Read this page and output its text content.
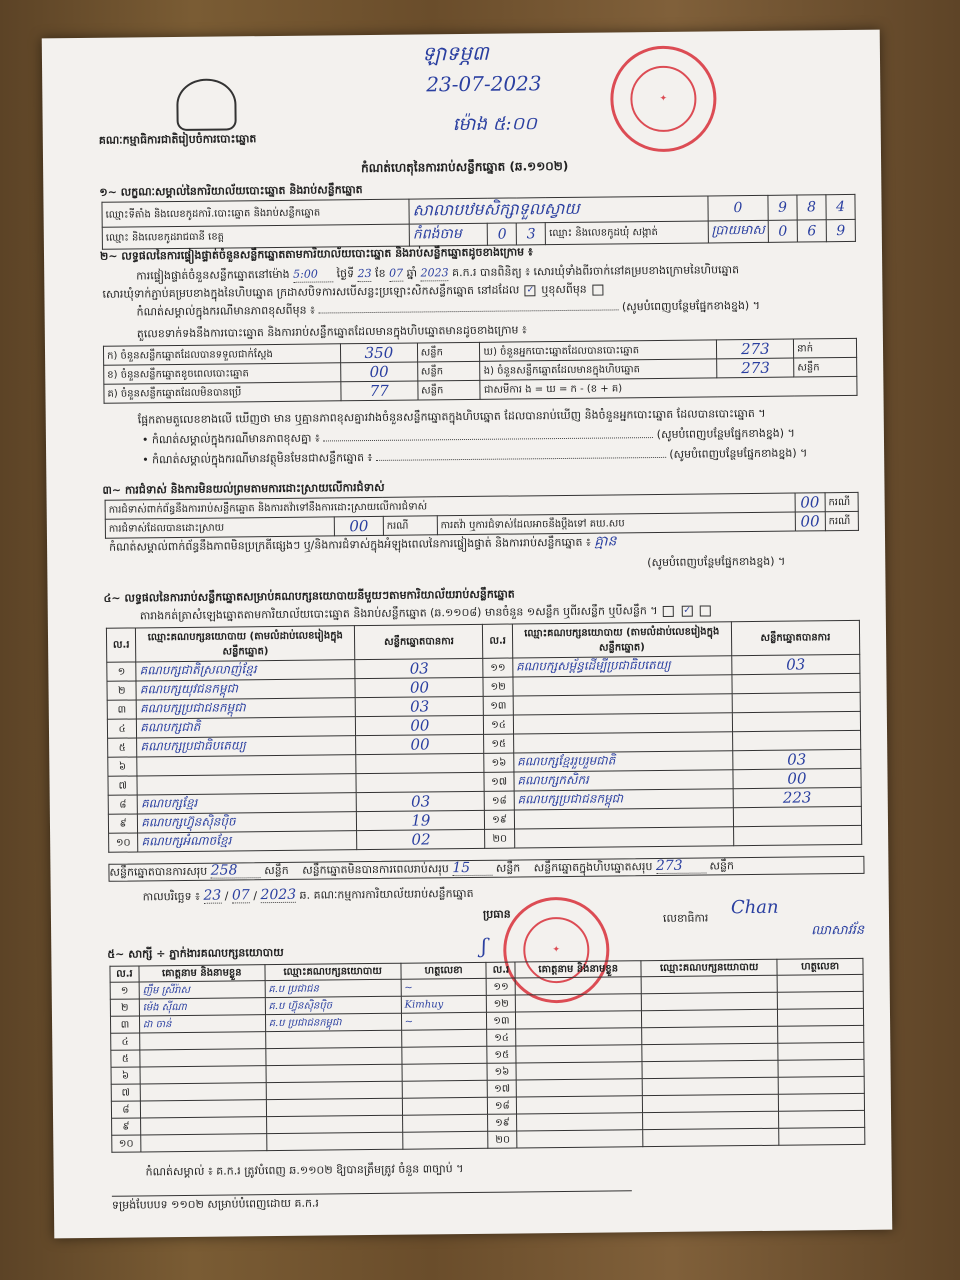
ឡាទម្ភ៣
23-07-2023
ម៉ោង ៥:០០
✦
គណៈកម្មាធិការជាតិរៀបចំការបោះឆ្នោត
កំណត់ហេតុនៃការរាប់សន្លឹកឆ្នោត (ឆ.១១០២)
១~ លក្ខណៈសម្គាល់នៃការិយាល័យបោះឆ្នោត និងរាប់សន្លឹកឆ្នោត
ឈ្មោះទីតាំង និងលេខកូដការិ.បោះឆ្នោត និងរាប់សន្លឹកឆ្នោត	សាលាបឋមសិក្សាទួលស្វាយ				0	9	8	4
ឈ្មោះ និងលេខកូដរាជធានី ខេត្ត	កំពង់ចាម	0	3	ឈ្មោះ និងលេខកូដឃុំ សង្កាត់	ប្រាយមាស	0	6	9
២~ លទ្ធផលនៃការផ្ទៀងផ្ទាត់ចំនួនសន្លឹកឆ្នោតតាមការិយាល័យបោះឆ្នោត និងរាប់សន្លឹកឆ្នោតដូចខាងក្រោម ៖
ការផ្ទៀងផ្ទាត់ចំនួនសន្លឹកឆ្នោតនៅម៉ោង 5:00 ថ្ងៃទី 23 ខែ 07 ឆ្នាំ 2023 គ.ក.រ បានពិនិត្យ ៖ សោរឃុំទាំងពីរចាក់នៅគម្របខាងក្រោមនៃហិបឆ្នោត
សោរឃុំទាក់ភ្ជាប់គម្របខាងក្នុងនៃហិបឆ្នោត ក្រដាសបិទការសបើសន្លះប្រឡោះសិកសន្លឹកឆ្នោត នៅដដែល ✓ ឬខុសពីមុន
កំណត់សម្គាល់ក្នុងករណីមានភាពខុសពីមុន ៖	(សូមបំពេញបន្ថែមផ្នែកខាងខ្នង) ។
តួលេខទាក់ទងនឹងការបោះឆ្នោត និងការរាប់សន្លឹកឆ្នោតដែលមានក្នុងហិបឆ្នោតមានដូចខាងក្រោម ៖
ក) ចំនួនសន្លឹកឆ្នោតដែលបានទទួលជាក់ស្តែង	350	សន្លឹក	ឃ) ចំនួនអ្នកបោះឆ្នោតដែលបានបោះឆ្នោត	273	នាក់
ខ) ចំនួនសន្លឹកឆ្នោតខូចពេលបោះឆ្នោត	00	សន្លឹក	ង) ចំនួនសន្លឹកឆ្នោតដែលមានក្នុងហិបឆ្នោត	273	សន្លឹក
គ) ចំនួនសន្លឹកឆ្នោតដែលមិនបានប្រើ	77	សន្លឹក	ជាសមីការ ង = ឃ = ក - (ខ + គ)		
ផ្អែកតាមតួលេខខាងលើ ឃើញថា មាន ឬគ្មានភាពខុសគ្នារវាងចំនួនសន្លឹកឆ្នោតក្នុងហិបឆ្នោត ដែលបានរាប់ឃើញ និងចំនួនអ្នកបោះឆ្នោត ដែលបានបោះឆ្នោត ។
• កំណត់សម្គាល់ក្នុងករណីមានភាពខុសគ្នា ៖	(សូមបំពេញបន្ថែមផ្នែកខាងខ្នង) ។
• កំណត់សម្គាល់ក្នុងករណីមានវត្ថុមិនមែនជាសន្លឹកឆ្នោត ៖	(សូមបំពេញបន្ថែមផ្នែកខាងខ្នង) ។
៣~ ការជំទាស់ និងការមិនយល់ព្រមតាមការដោះស្រាយលើការជំទាស់
ការជំទាស់ពាក់ព័ន្ធនឹងការរាប់សន្លឹកឆ្នោត និងការតវ៉ាទៅនឹងការដោះស្រាយលើការជំទាស់				00	ករណី
ការជំទាស់ដែលបានដោះស្រាយ	00	ករណី	ការតវ៉ា ឬការជំទាស់ដែលអាចនឹងប្តឹងទៅ គឃ.សប	00	ករណី
កំណត់សម្គាល់ពាក់ព័ន្ធនឹងភាពមិនប្រក្រតីផ្សេងៗ ឬ/និងការជំទាស់ក្នុងអំឡុងពេលនៃការផ្ទៀងផ្ទាត់ និងការរាប់សន្លឹកឆ្នោត ៖ គ្មាន
(សូមបំពេញបន្ថែមផ្នែកខាងខ្នង) ។
៤~ លទ្ធផលនៃការរាប់សន្លឹកឆ្នោតសម្រាប់គណបក្សនយោបាយនីមួយៗតាមការិយាល័យរាប់សន្លឹកឆ្នោត
តារាងកត់ត្រាសំឡេងឆ្នោតតាមការិយាល័យបោះឆ្នោត និងរាប់សន្លឹកឆ្នោត (ឆ.១១០៨) មានចំនួន ១សន្លឹក ឬពីរសន្លឹក ឬបីសន្លឹក ។	✓
ល.រ	ឈ្មោះគណបក្សនយោបាយ (តាមលំដាប់លេខរៀងក្នុងសន្លឹកឆ្នោត)	សន្លឹកឆ្នោតបានការ	ល.រ	ឈ្មោះគណបក្សនយោបាយ (តាមលំដាប់លេខរៀងក្នុងសន្លឹកឆ្នោត)	សន្លឹកឆ្នោតបានការ
១	គណបក្សជាតិស្រលាញ់ខ្មែរ	03	១១	គណបក្សសម្ព័ន្ធដើម្បីប្រជាធិបតេយ្យ	03
២	គណបក្សយុវជនកម្ពុជា	00	១២		
៣	គណបក្សប្រជាជនកម្ពុជា	03	១៣		
៤	គណបក្សជាតិ	00	១៤		
៥	គណបក្សប្រជាធិបតេយ្យ	00	១៥		
៦			១៦	គណបក្សខ្មែររួបរួមជាតិ	03
៧			១៧	គណបក្សកសិករ	00
៨	គណបក្សខ្មែរ	03	១៨	គណបក្សប្រជាជនកម្ពុជា	223
៩	គណបក្សហ៊្វុនស៊ិនប៉ិច	19	១៩		
១០	គណបក្សអំណាចខ្មែរ	02	២០		
សន្លឹកឆ្នោតបានការសរុប 258 សន្លឹក សន្លឹកឆ្នោតមិនបានការពេលរាប់សរុប 15 សន្លឹក សន្លឹកឆ្នោតក្នុងហិបឆ្នោតសរុប 273 សន្លឹក
កាលបរិច្ឆេទ ៖ 23 / 07 / 2023 ឆ. គណៈកម្មការការិយាល័យរាប់សន្លឹកឆ្នោត
ប្រធាន
ʃ	✦
លេខាធិការ Chan
ឈាសាវរ័ន
៥~ សាក្សី ÷ ភ្នាក់ងារគណបក្សនយោបាយ
ល.រ	គោត្តនាម និងនាមខ្លួន	ឈ្មោះគណបក្សនយោបាយ	ហត្ថលេខា	ល.រ	គោត្តនាម និងនាមខ្លួន	ឈ្មោះគណបក្សនយោបាយ	ហត្ថលេខា
១	ញឹម ស្រីរ៉ាស	គ.ប ប្រជាជន	~	១១			
២	ម៉េង ស៊ីណា	គ.ប ហ៊្វុនស៊ិនប៉ិច	Kimhuy	១២			
៣	ដា ចាន់	គ.ប ប្រជាជនកម្ពុជា	~	១៣			
៤				១៤			
៥				១៥			
៦				១៦			
៧				១៧			
៨				១៨			
៩				១៩			
១០				២០			
កំណត់សម្គាល់ ៖ គ.ក.រ ត្រូវបំពេញ ឆ.១១០២ ឱ្យបានត្រឹមត្រូវ ចំនួន ៣ច្បាប់ ។
ទម្រង់បែបបទ ១១០២ សម្រាប់បំពេញដោយ គ.ក.រ
